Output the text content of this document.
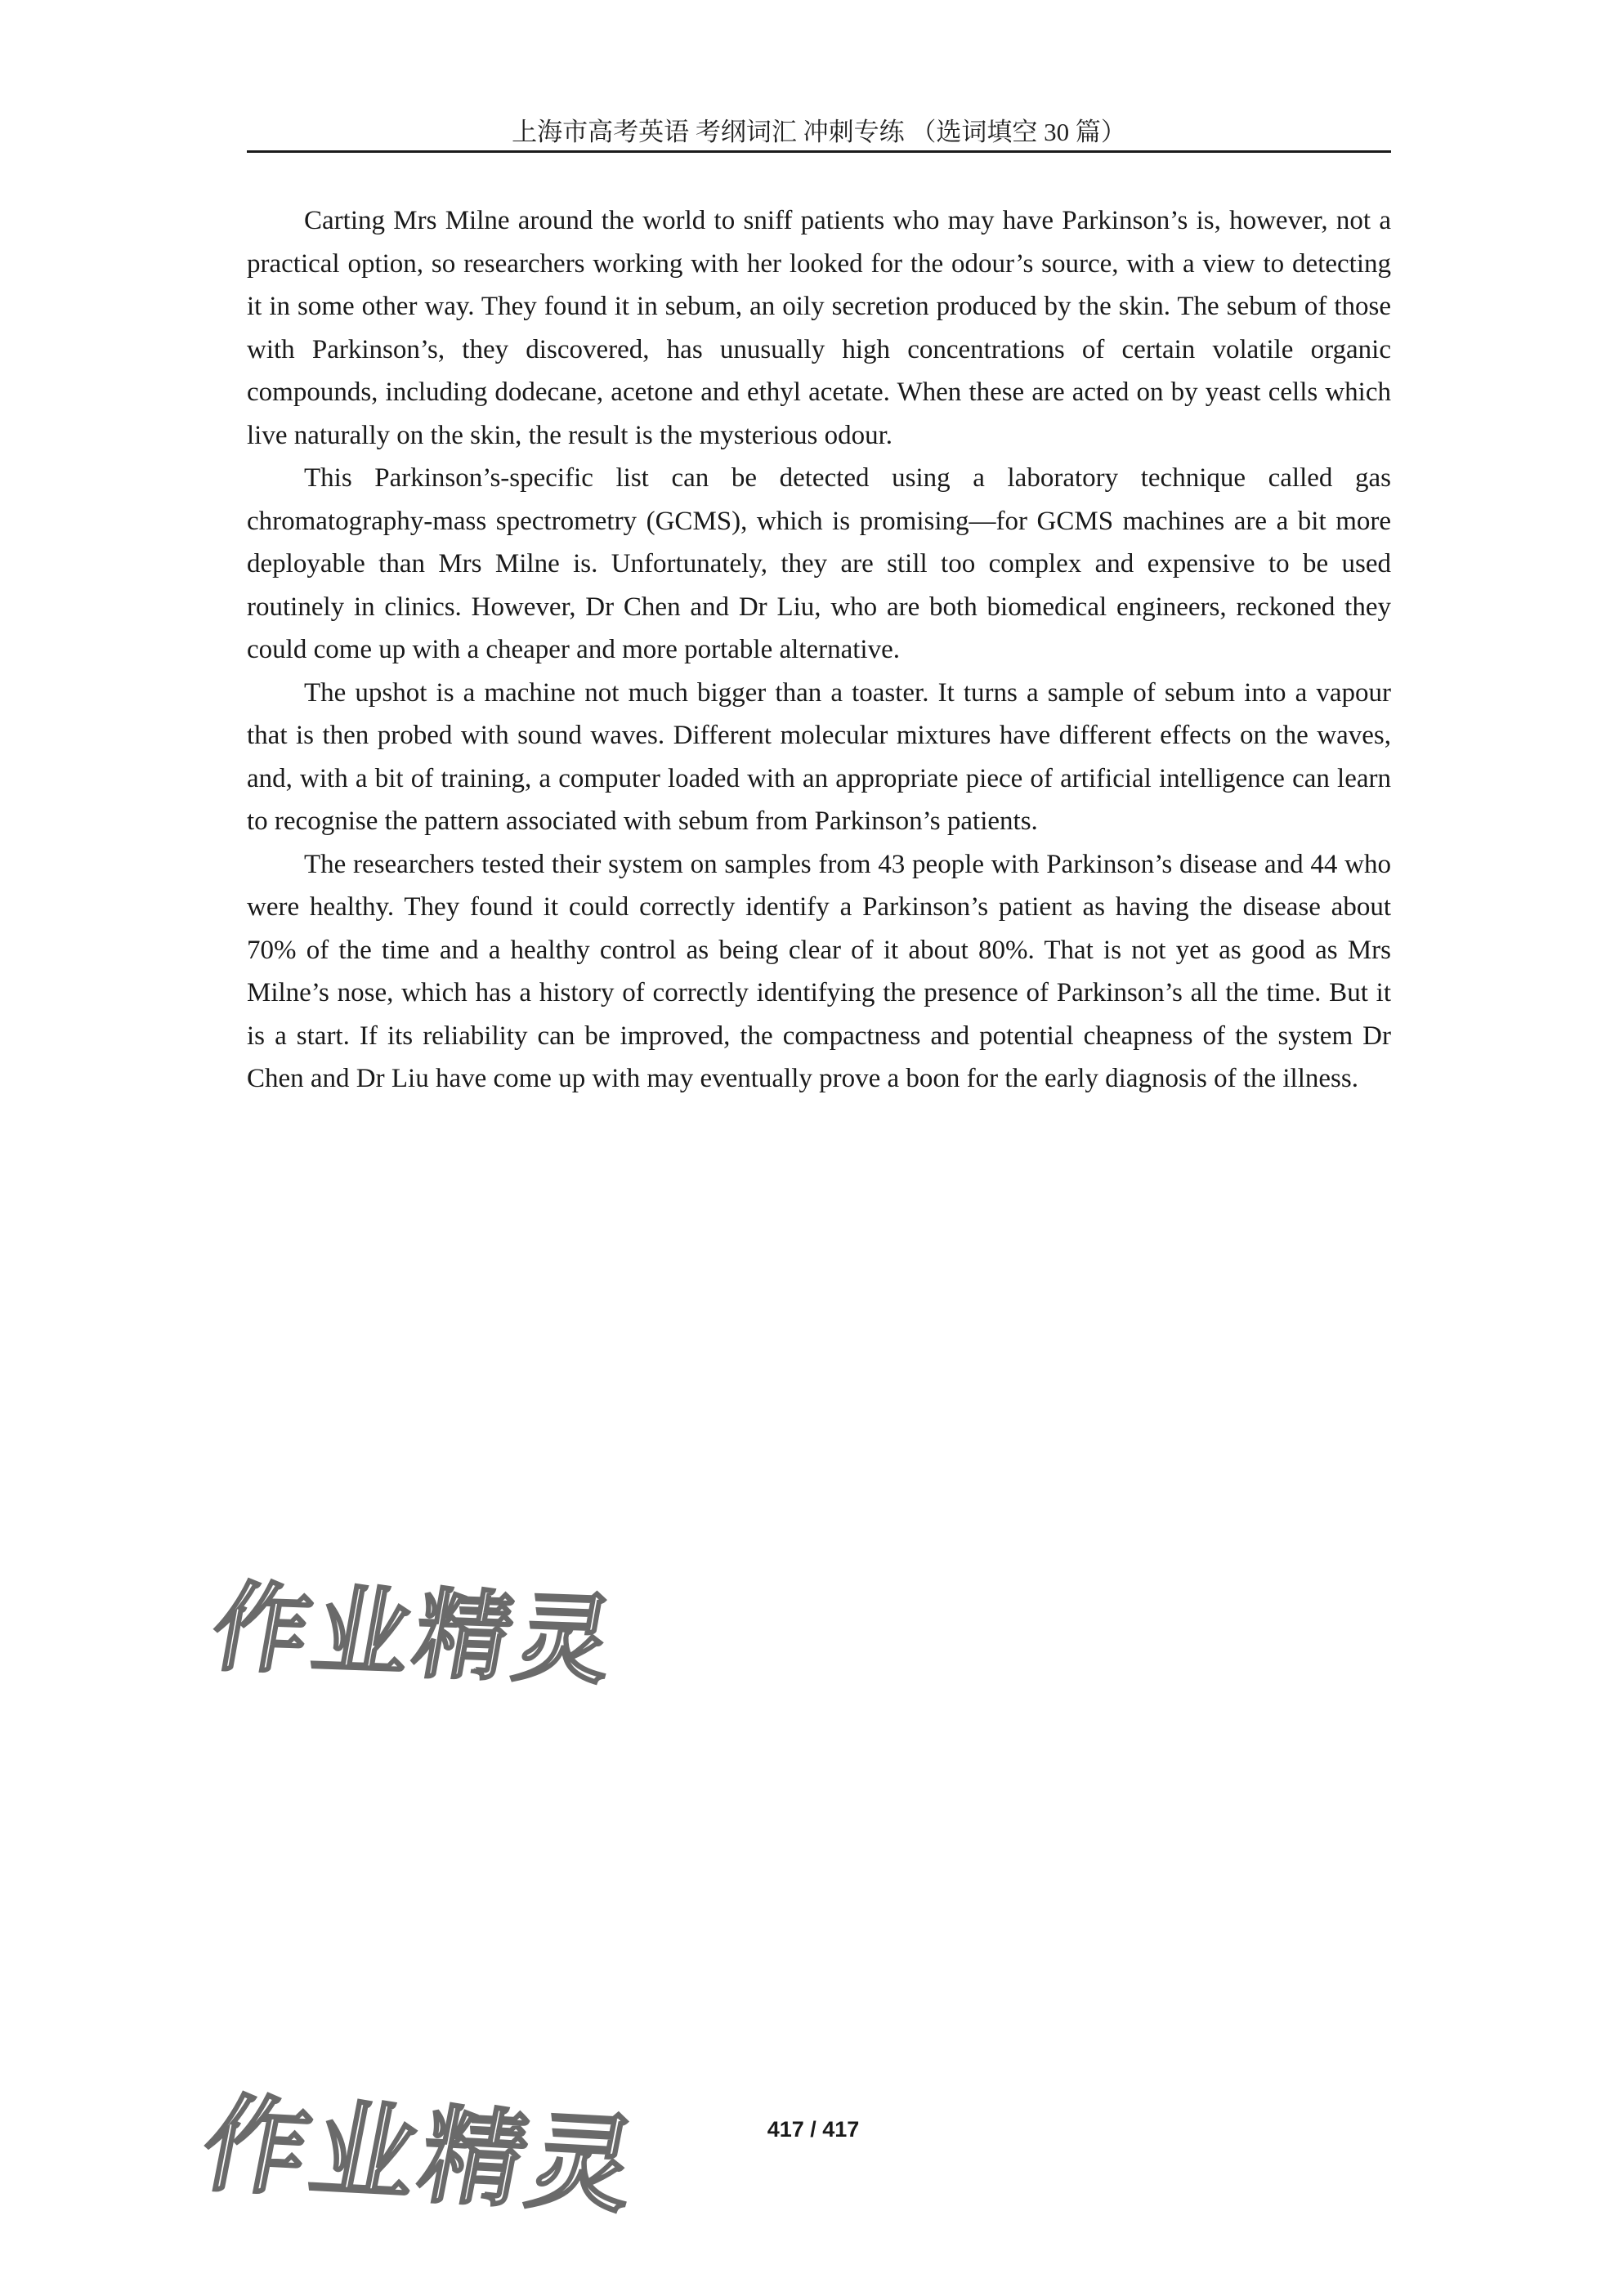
上海市高考英语 考纲词汇 冲刺专练 （选词填空 30 篇）

Carting Mrs Milne around the world to sniff patients who may have Parkinson’s is, however, not a practical option, so researchers working with her looked for the odour’s source, with a view to detecting it in some other way. They found it in sebum, an oily secretion produced by the skin. The sebum of those with Parkinson’s, they discovered, has unusually high concentrations of certain volatile organic compounds, including dodecane, acetone and ethyl acetate. When these are acted on by yeast cells which live naturally on the skin, the result is the mysterious odour.

This Parkinson’s-specific list can be detected using a laboratory technique called gas chromatography-mass spectrometry (GCMS), which is promising—for GCMS machines are a bit more deployable than Mrs Milne is. Unfortunately, they are still too complex and expensive to be used routinely in clinics. However, Dr Chen and Dr Liu, who are both biomedical engineers, reckoned they could come up with a cheaper and more portable alternative.

The upshot is a machine not much bigger than a toaster. It turns a sample of sebum into a vapour that is then probed with sound waves. Different molecular mixtures have different effects on the waves, and, with a bit of training, a computer loaded with an appropriate piece of artificial intelligence can learn to recognise the pattern associated with sebum from Parkinson’s patients.

The researchers tested their system on samples from 43 people with Parkinson’s disease and 44 who were healthy. They found it could correctly identify a Parkinson’s patient as having the disease about 70% of the time and a healthy control as being clear of it about 80%. That is not yet as good as Mrs Milne’s nose, which has a history of correctly identifying the presence of Parkinson’s all the time. But it is a start. If its reliability can be improved, the compactness and potential cheapness of the system Dr Chen and Dr Liu have come up with may eventually prove a boon for the early diagnosis of the illness.

作业精灵
作业精灵	417 / 417
